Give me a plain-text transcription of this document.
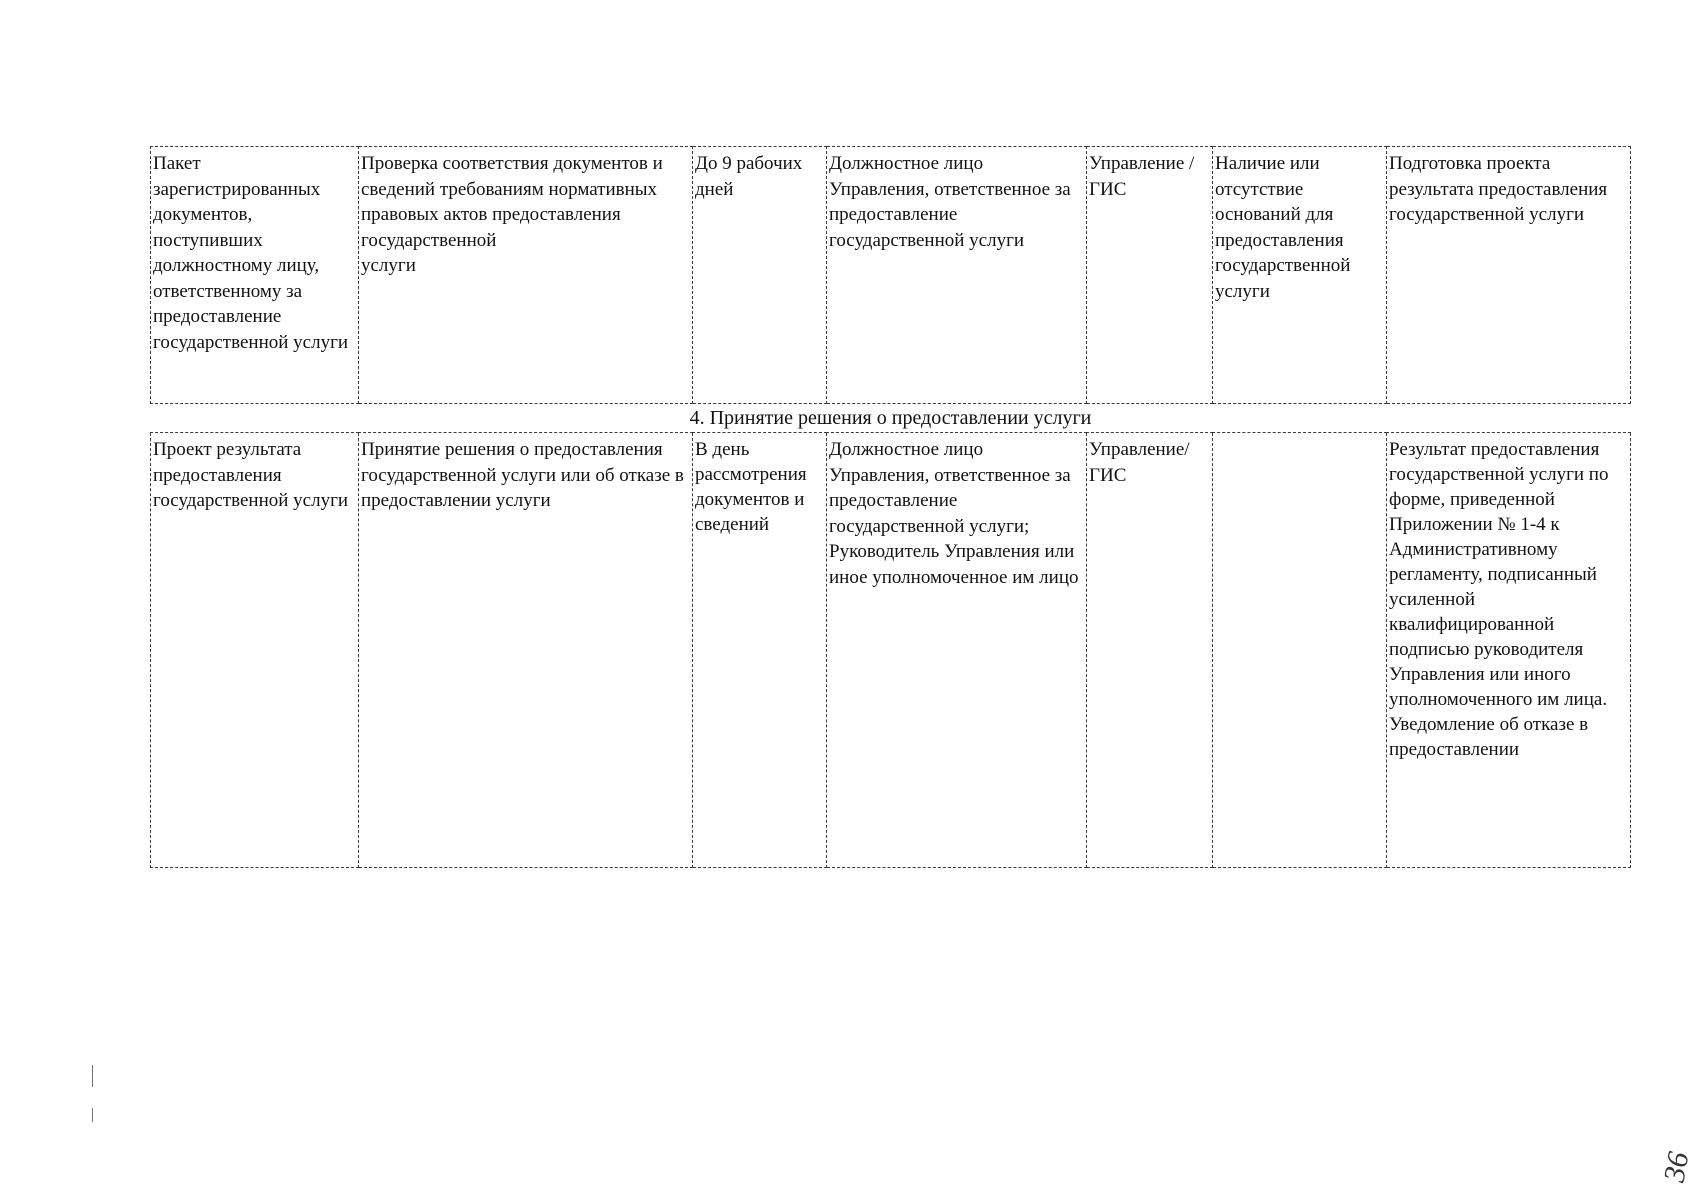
Пакет зарегистрированных документов, поступивших должностному лицу, ответственному за предоставление государственной услуги	Проверка соответствия документов и сведений требованиям нормативных правовых актов предоставления государственной
услуги	До 9 рабочих дней	Должностное лицо Управления, ответственное за предоставление государственной услуги	Управление /ГИС	Наличие или отсутствие оснований для предоставления государственной услуги	Подготовка проекта результата предоставления государственной услуги

4. Принятие решения о предоставлении услуги						

Проект результата предоставления государственной услуги	Принятие решения о предоставления государственной услуги или об отказе в предоставлении услуги	В день рассмотрения документов и сведений	Должностное лицо Управления, ответственное за предоставление государственной услуги; Руководитель Управления или иное уполномоченное им лицо	Управление/ ГИС		Результат предоставления государственной услуги по форме, приведенной Приложении № 1-4 к Административному регламенту, подписанный усиленной квалифицированной подписью руководителя Управления или иного уполномоченного им лица.
Уведомление об отказе в предоставлении
36
